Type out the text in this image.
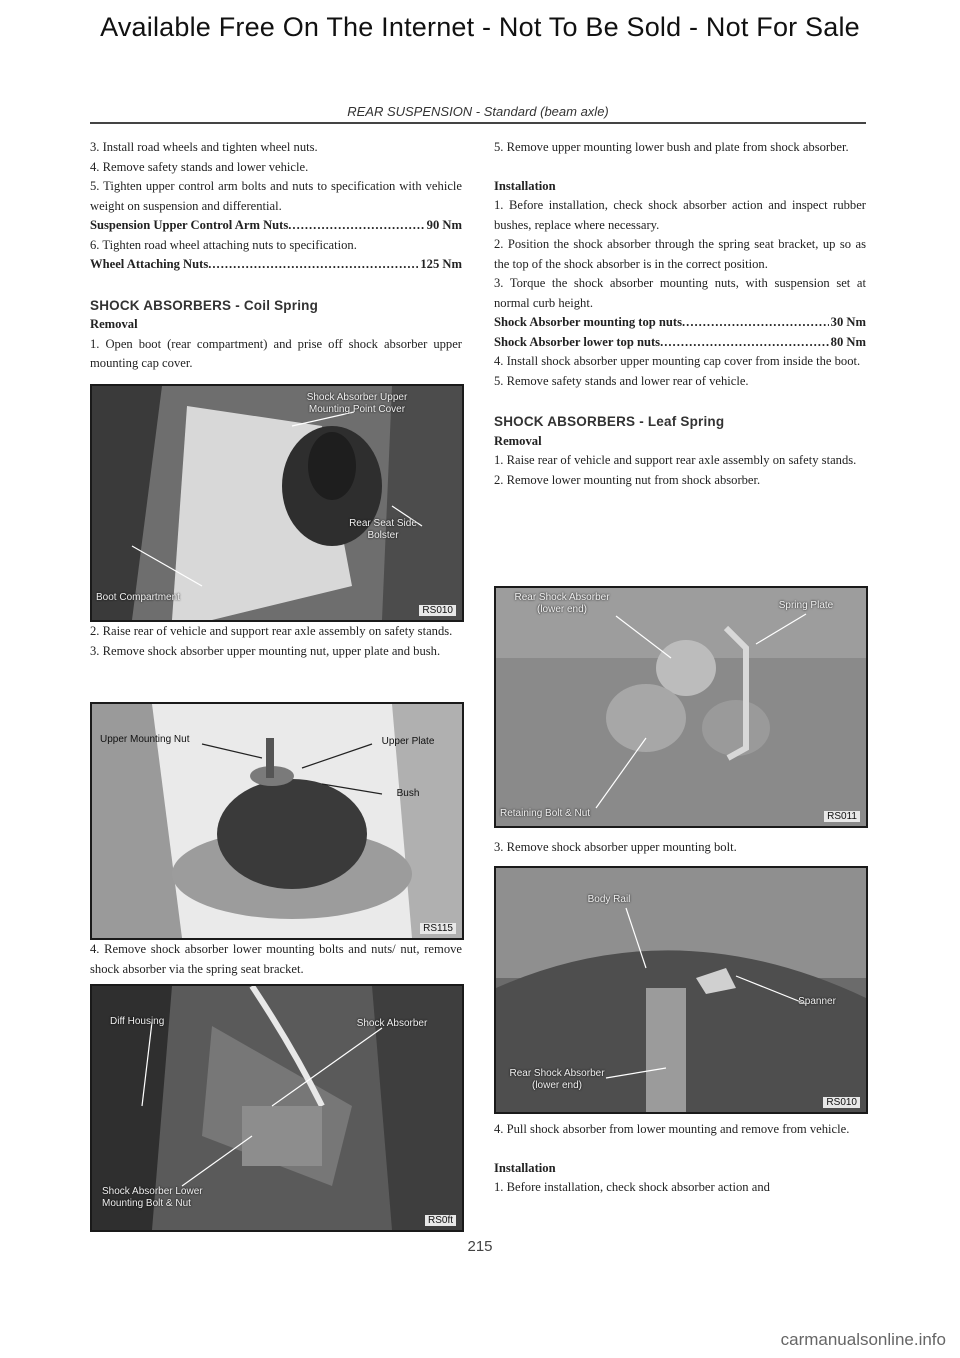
Available Free On The Internet - Not To Be Sold - Not For Sale
REAR SUSPENSION - Standard (beam axle)

3. Install road wheels and tighten wheel nuts.

4. Remove safety stands and lower vehicle.

5. Tighten upper control arm bolts and nuts to specification with vehicle weight on suspension and differential.

Suspension Upper Control Arm Nuts .....	90 Nm

6. Tighten road wheel attaching nuts to specification.

Wheel Attaching Nuts .....	125 Nm
SHOCK ABSORBERS - Coil Spring
Removal

1. Open boot (rear compartment) and prise off shock absorber upper mounting cap cover.

Shock Absorber Upper Mounting Point Cover
Rear Seat Side Bolster
Boot Compartment
RS010

2. Raise rear of vehicle and support rear axle assembly on safety stands.

3. Remove shock absorber upper mounting nut, upper plate and bush.

Upper Mounting Nut	Upper Plate
Bush
RS115

4. Remove shock absorber lower mounting bolts and nuts/ nut, remove shock absorber via the spring seat bracket.

Diff Housing	Shock Absorber
Shock Absorber Lower Mounting Bolt & Nut
RS0ft

5. Remove upper mounting lower bush and plate from shock absorber.

Installation

1. Before installation, check shock absorber action and inspect rubber bushes, replace where necessary.

2. Position the shock absorber through the spring seat bracket, up so as the top of the shock absorber is in the correct position.

3. Torque the shock absorber mounting nuts, with suspension set at normal curb height.

Shock Absorber mounting top nuts .....	30 Nm
Shock Absorber lower top nuts .....	80 Nm

4. Install shock absorber upper mounting cap cover from inside the boot.

5. Remove safety stands and lower rear of vehicle.

SHOCK ABSORBERS - Leaf Spring
Removal

1. Raise rear of vehicle and support rear axle assembly on safety stands.

2. Remove lower mounting nut from shock absorber.

Rear Shock Absorber (lower end)	Spring Plate
Retaining Bolt & Nut	RS011

3. Remove shock absorber upper mounting bolt.

Body Rail
Spanner
Rear Shock Absorber (lower end)
RS010

4. Pull shock absorber from lower mounting and remove from vehicle.

Installation

1. Before installation, check shock absorber action and

215
carmanualsonline.info
